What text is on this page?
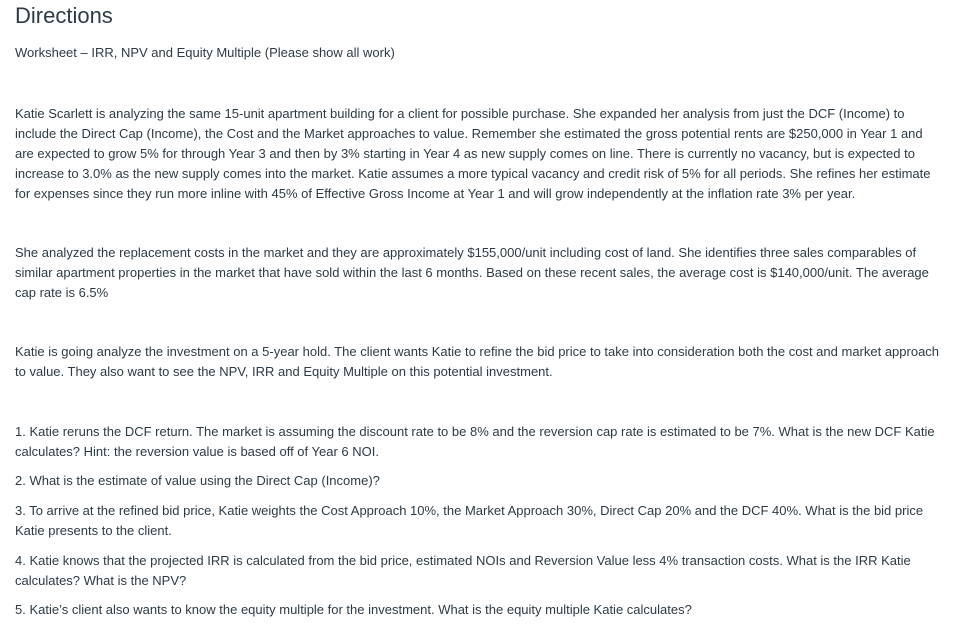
Directions

Worksheet – IRR, NPV and Equity Multiple (Please show all work)

Katie Scarlett is analyzing the same 15-unit apartment building for a client for possible purchase. She expanded her analysis from just the DCF (Income) to include the Direct Cap (Income), the Cost and the Market approaches to value. Remember she estimated the gross potential rents are $250,000 in Year 1 and are expected to grow 5% for through Year 3 and then by 3% starting in Year 4 as new supply comes on line. There is currently no vacancy, but is expected to increase to 3.0% as the new supply comes into the market. Katie assumes a more typical vacancy and credit risk of 5% for all periods. She refines her estimate for expenses since they run more inline with 45% of Effective Gross Income at Year 1 and will grow independently at the inflation rate 3% per year.

She analyzed the replacement costs in the market and they are approximately $155,000/unit including cost of land. She identifies three sales comparables of similar apartment properties in the market that have sold within the last 6 months. Based on these recent sales, the average cost is $140,000/unit. The average cap rate is 6.5%

Katie is going analyze the investment on a 5-year hold. The client wants Katie to refine the bid price to take into consideration both the cost and market approach to value. They also want to see the NPV, IRR and Equity Multiple on this potential investment.

1. Katie reruns the DCF return. The market is assuming the discount rate to be 8% and the reversion cap rate is estimated to be 7%. What is the new DCF Katie calculates? Hint: the reversion value is based off of Year 6 NOI.

2. What is the estimate of value using the Direct Cap (Income)?

3. To arrive at the refined bid price, Katie weights the Cost Approach 10%, the Market Approach 30%, Direct Cap 20% and the DCF 40%. What is the bid price Katie presents to the client.

4. Katie knows that the projected IRR is calculated from the bid price, estimated NOIs and Reversion Value less 4% transaction costs. What is the IRR Katie calculates? What is the NPV?

5. Katie’s client also wants to know the equity multiple for the investment. What is the equity multiple Katie calculates?
